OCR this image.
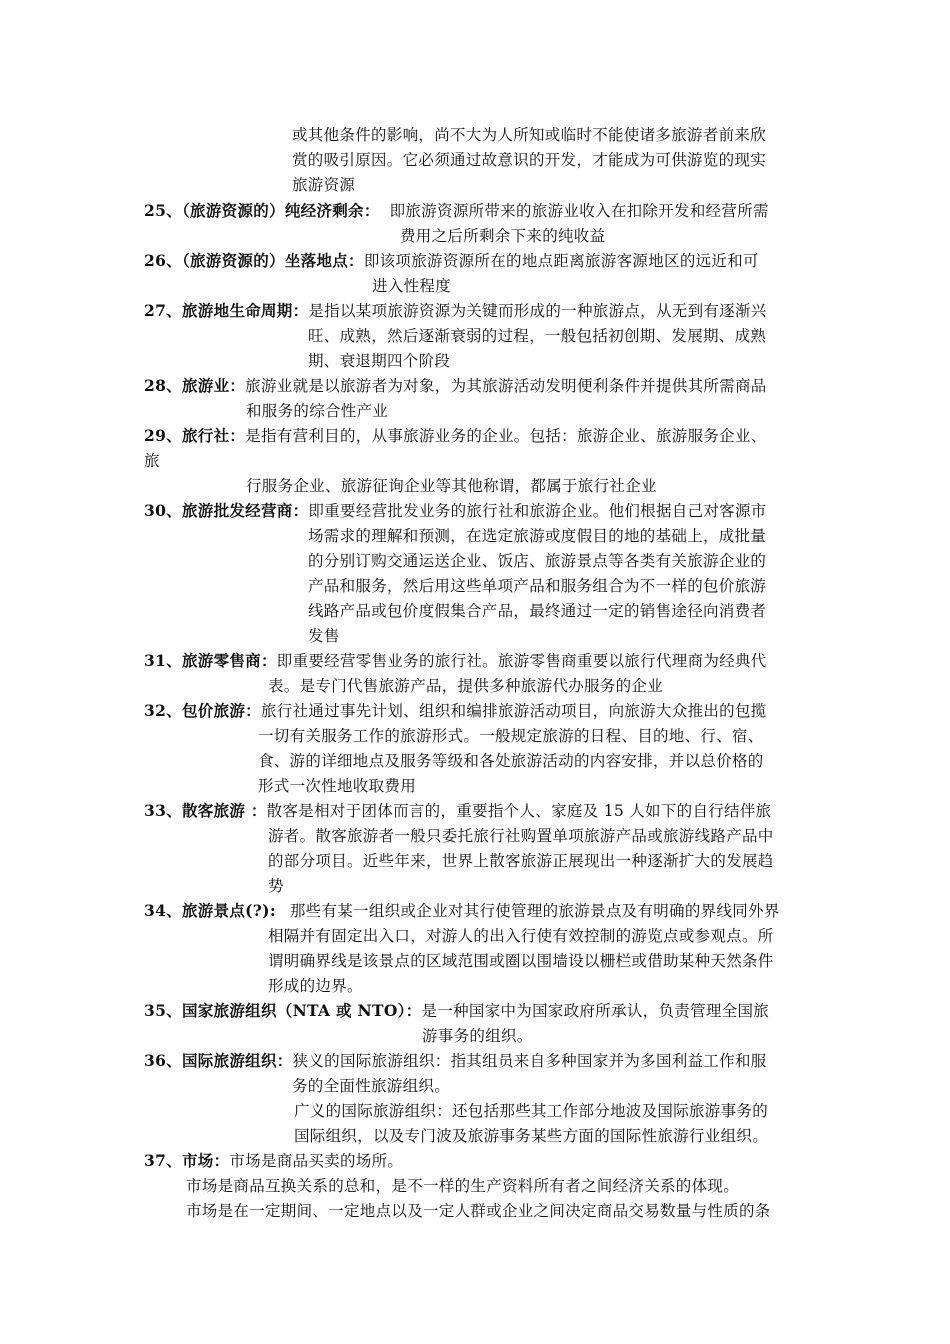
或其他条件的影响，尚不大为人所知或临时不能使诸多旅游者前来欣
赏的吸引原因。它必须通过故意识的开发，才能成为可供游览的现实
旅游资源
25、（旅游资源的）纯经济剩余： 即旅游资源所带来的旅游业收入在扣除开发和经营所需
费用之后所剩余下来的纯收益
26、（旅游资源的）坐落地点：即该项旅游资源所在的地点距离旅游客源地区的远近和可
进入性程度
27、旅游地生命周期：是指以某项旅游资源为关键而形成的一种旅游点，从无到有逐渐兴
旺、成熟，然后逐渐衰弱的过程，一般包括初创期、发展期、成熟
期、衰退期四个阶段
28、旅游业：旅游业就是以旅游者为对象，为其旅游活动发明便利条件并提供其所需商品
和服务的综合性产业
29、旅行社：是指有营利目的，从事旅游业务的企业。包括：旅游企业、旅游服务企业、
旅
行服务企业、旅游征询企业等其他称谓，都属于旅行社企业
30、旅游批发经营商：即重要经营批发业务的旅行社和旅游企业。他们根据自己对客源市
场需求的理解和预测，在选定旅游或度假目的地的基础上，成批量
的分别订购交通运送企业、饭店、旅游景点等各类有关旅游企业的
产品和服务，然后用这些单项产品和服务组合为不一样的包价旅游
线路产品或包价度假集合产品，最终通过一定的销售途径向消费者
发售
31、旅游零售商：即重要经营零售业务的旅行社。旅游零售商重要以旅行代理商为经典代
表。是专门代售旅游产品，提供多种旅游代办服务的企业
32、包价旅游：旅行社通过事先计划、组织和编排旅游活动项目，向旅游大众推出的包揽
一切有关服务工作的旅游形式。一般规定旅游的日程、目的地、行、宿、
食、游的详细地点及服务等级和各处旅游活动的内容安排，并以总价格的
形式一次性地收取费用
33、散客旅游 ：散客是相对于团体而言的，重要指个人、家庭及 15 人如下的自行结伴旅
游者。散客旅游者一般只委托旅行社购置单项旅游产品或旅游线路产品中
的部分项目。近些年来，世界上散客旅游正展现出一种逐渐扩大的发展趋
势
34、旅游景点(?): 那些有某一组织或企业对其行使管理的旅游景点及有明确的界线同外界
相隔并有固定出入口，对游人的出入行使有效控制的游览点或参观点。所
谓明确界线是该景点的区域范围或圈以围墙设以栅栏或借助某种天然条件
形成的边界。
35、国家旅游组织（NTA 或 NTO）：是一种国家中为国家政府所承认，负责管理全国旅
游事务的组织。
36、国际旅游组织：狭义的国际旅游组织：指其组员来自多种国家并为多国利益工作和服
务的全面性旅游组织。
广义的国际旅游组织：还包括那些其工作部分地波及国际旅游事务的
国际组织，以及专门波及旅游事务某些方面的国际性旅游行业组织。
37、市场：市场是商品买卖的场所。
市场是商品互换关系的总和，是不一样的生产资料所有者之间经济关系的体现。
市场是在一定期间、一定地点以及一定人群或企业之间决定商品交易数量与性质的条
